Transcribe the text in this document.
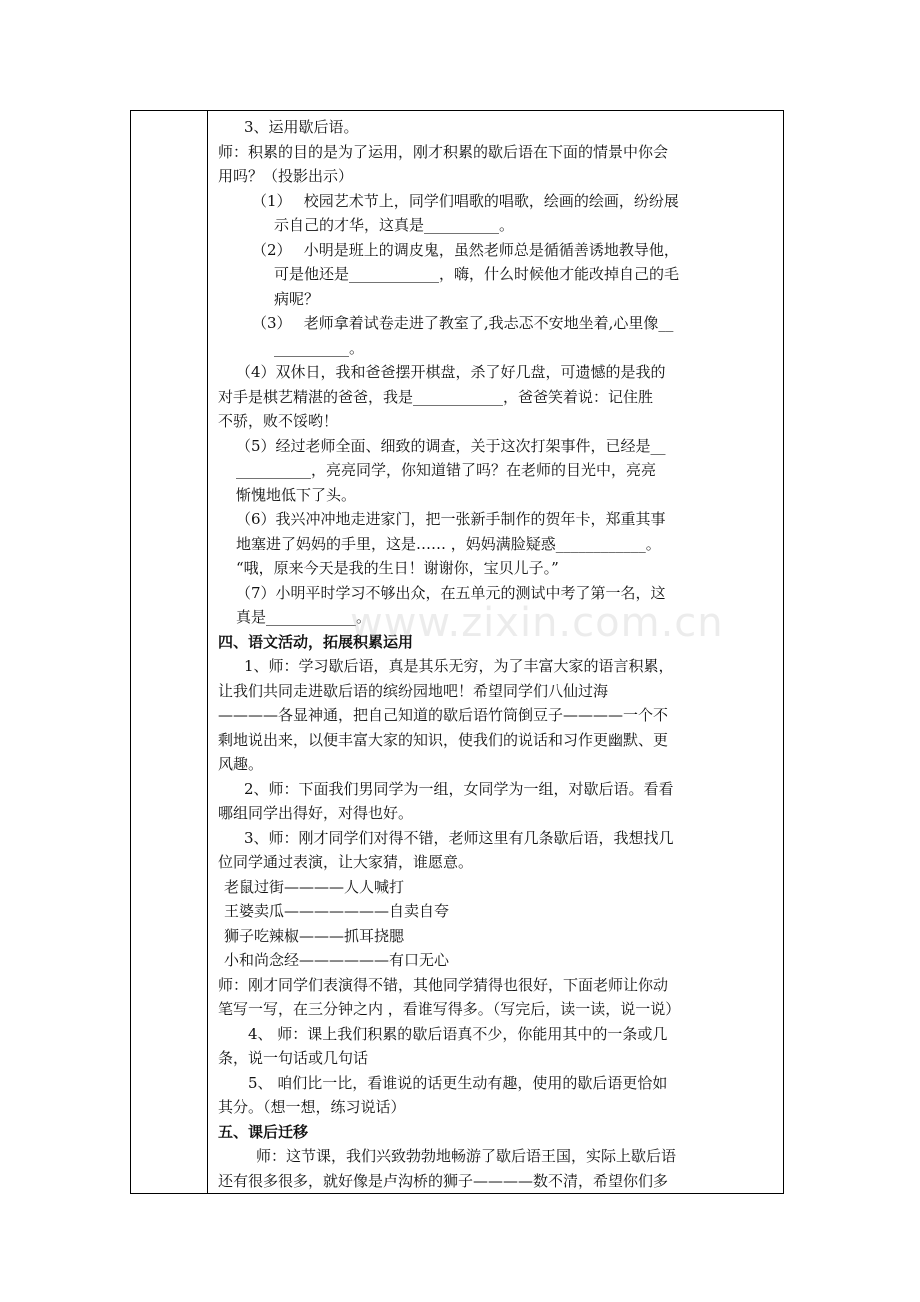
3、运用歇后语。
师：积累的目的是为了运用，刚才积累的歇后语在下面的情景中你会
用吗？（投影出示）
（1）　 校园艺术节上，同学们唱歌的唱歌，绘画的绘画，纷纷展
示自己的才华，这真是__________。
（2）　 小明是班上的调皮鬼，虽然老师总是循循善诱地教导他，
可是他还是____________，嗨，什么时候他才能改掉自己的毛
病呢？
（3）　 老师拿着试卷走进了教室了,我忐忑不安地坐着,心里像__
__________。
（4）双休日，我和爸爸摆开棋盘，杀了好几盘，可遗憾的是我的
对手是棋艺精湛的爸爸，我是____________，爸爸笑着说：记住胜
不骄，败不馁哟！
（5）经过老师全面、细致的调查，关于这次打架事件，已经是__
__________，亮亮同学，你知道错了吗？在老师的目光中，亮亮
惭愧地低下了头。
（6）我兴冲冲地走进家门，把一张新手制作的贺年卡，郑重其事
地塞进了妈妈的手里，这是…… ，妈妈满脸疑惑____________。
“哦，原来今天是我的生日！谢谢你，宝贝儿子。”
（7）小明平时学习不够出众，在五单元的测试中考了第一名，这
真是____________。
四、语文活动，拓展积累运用
1、师：学习歇后语，真是其乐无穷，为了丰富大家的语言积累，
让我们共同走进歇后语的缤纷园地吧！希望同学们八仙过海
————各显神通，把自己知道的歇后语竹筒倒豆子————一个不
剩地说出来，以便丰富大家的知识，使我们的说话和习作更幽默、更
风趣。
2、师：下面我们男同学为一组，女同学为一组，对歇后语。看看
哪组同学出得好，对得也好。
3、师：刚才同学们对得不错，老师这里有几条歇后语，我想找几
位同学通过表演，让大家猜，谁愿意。
老鼠过街————人人喊打
王婆卖瓜———————自卖自夸
狮子吃辣椒———抓耳挠腮
小和尚念经——————有口无心
师：刚才同学们表演得不错，其他同学猜得也很好，下面老师让你动
笔写一写，在三分钟之内 ，看谁写得多。（写完后，读一读，说一说）
4、 师：课上我们积累的歇后语真不少，你能用其中的一条或几
条，说一句话或几句话
5、 咱们比一比，看谁说的话更生动有趣，使用的歇后语更恰如
其分。（想一想，练习说话）
五、课后迁移
师：这节课，我们兴致勃勃地畅游了歇后语王国，实际上歇后语
还有很多很多，就好像是卢沟桥的狮子————数不清，希望你们多
www.zixin.com.cn
